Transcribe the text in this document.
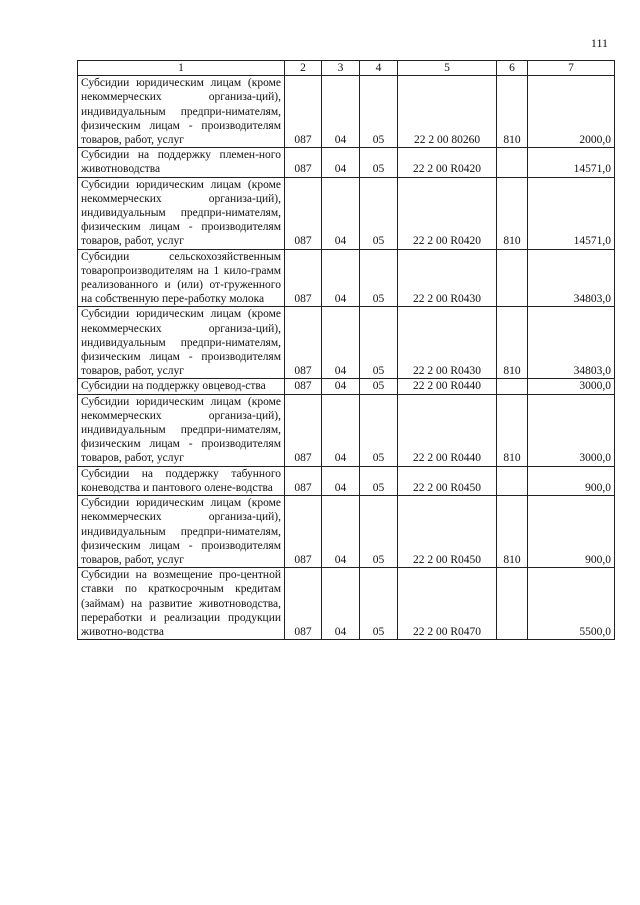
111
1	2	3	4	5	6	7
Субсидии юридическим лицам (кроме некоммерческих организа-ций), индивидуальным предпри-нимателям, физическим лицам - производителям товаров, работ, услуг	087	04	05	22 2 00 80260	810	2000,0
Субсидии на поддержку племен-ного животноводства	087	04	05	22 2 00 R0420		14571,0
Субсидии юридическим лицам (кроме некоммерческих организа-ций), индивидуальным предпри-нимателям, физическим лицам - производителям товаров, работ, услуг	087	04	05	22 2 00 R0420	810	14571,0
Субсидии сельскохозяйственным товаропроизводителям на 1 кило-грамм реализованного и (или) от-груженного на собственную пере-работку молока	087	04	05	22 2 00 R0430		34803,0
Субсидии юридическим лицам (кроме некоммерческих организа-ций), индивидуальным предпри-нимателям, физическим лицам - производителям товаров, работ, услуг	087	04	05	22 2 00 R0430	810	34803,0
Субсидии на поддержку овцевод-ства	087	04	05	22 2 00 R0440		3000,0
Субсидии юридическим лицам (кроме некоммерческих организа-ций), индивидуальным предпри-нимателям, физическим лицам - производителям товаров, работ, услуг	087	04	05	22 2 00 R0440	810	3000,0
Субсидии на поддержку табунного коневодства и пантового олене-водства	087	04	05	22 2 00 R0450		900,0
Субсидии юридическим лицам (кроме некоммерческих организа-ций), индивидуальным предпри-нимателям, физическим лицам - производителям товаров, работ, услуг	087	04	05	22 2 00 R0450	810	900,0
Субсидии на возмещение про-центной ставки по краткосрочным кредитам (займам) на развитие животноводства, переработки и реализации продукции животно-водства	087	04	05	22 2 00 R0470		5500,0
